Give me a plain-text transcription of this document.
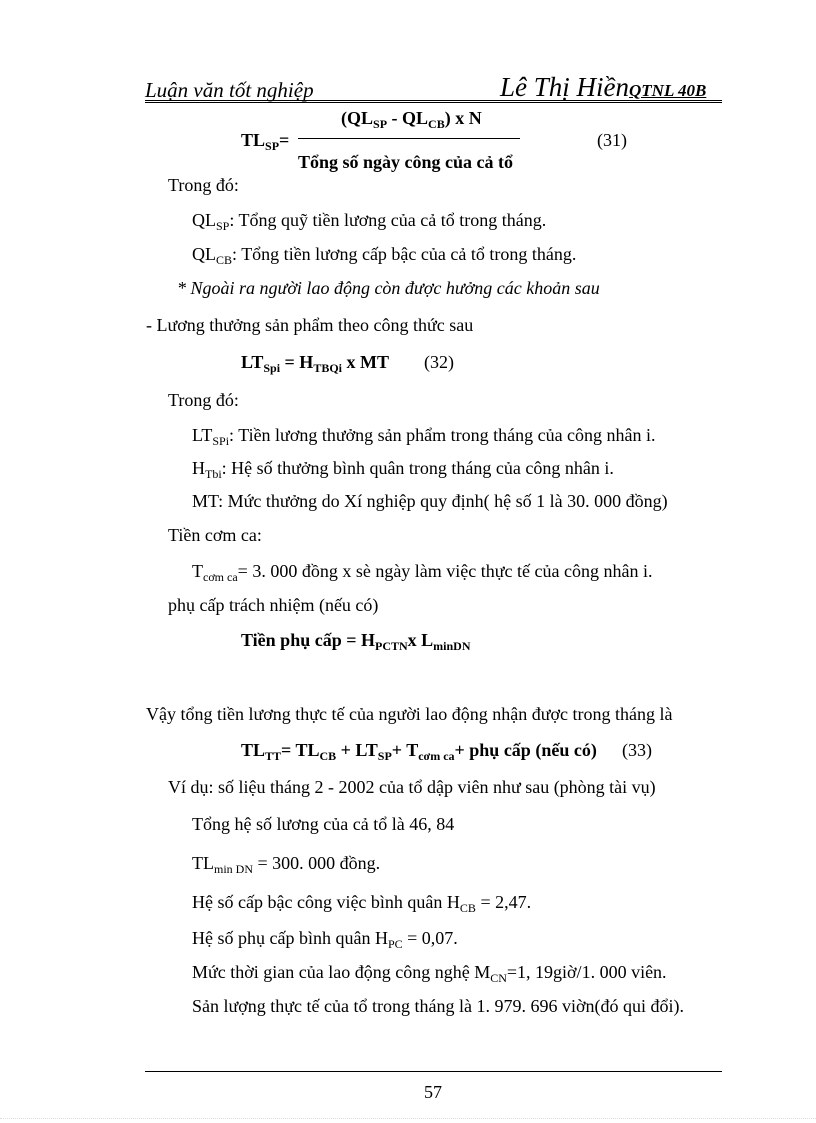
Luận văn tốt nghiệp	Lê Thị HiềnQTNL 40B
$TL_{SP}=$
$(QL_{SP} - QL_{CB})$ x N
Tổng số ngày công của cả tổ
(31)
Trong đó:
$QL_{SP}$: Tổng quỹ tiền lương của cả tổ trong tháng.
$QL_{CB}$: Tổng tiền lương cấp bậc của cả tổ trong tháng.
* Ngoài ra người lao động còn được hưởng các khoản sau
- Lương thưởng sản phẩm theo công thức sau
$LT_{Spi} = H_{TBQi}$ x MT (32)
Trong đó:
$LT_{SPi}$: Tiền lương thưởng sản phẩm trong tháng của công nhân i.
$H_{Tbi}$: Hệ số thưởng bình quân trong tháng của công nhân i.
MT: Mức thưởng do Xí nghiệp quy định( hệ số 1 là 30. 000 đồng)
Tiền cơm ca:
$T_{cơm ca}= 3$. 000 đồng x sè ngày làm việc thực tế của công nhân i.
phụ cấp trách nhiệm (nếu có)
Tiền phụ cấp = $H_{PCTN}x$ $L_{minDN}$
Vậy tổng tiền lương thực tế của người lao động nhận được trong tháng là
$TL_{TT}= TL_{CB} + LT_{SP}+ T_{cơm ca}+$ phụ cấp (nếu có) (33)
Ví dụ: số liệu tháng 2 - 2002 của tổ dập viên như sau (phòng tài vụ)
Tổng hệ số lương của cả tổ là 46, 84
$TL_{min DN} = 300$. 000 đồng.
Hệ số cấp bậc công việc bình quân $H_{CB} = 2,47$.
Hệ số phụ cấp bình quân $H_{PC} = 0,07$.
Mức thời gian của lao động công nghệ $M_{CN}=1$, 19giờ/1. 000 viên.
Sản lượng thực tế của tổ trong tháng là 1. 979. 696 viờn(đó qui đổi).
57
